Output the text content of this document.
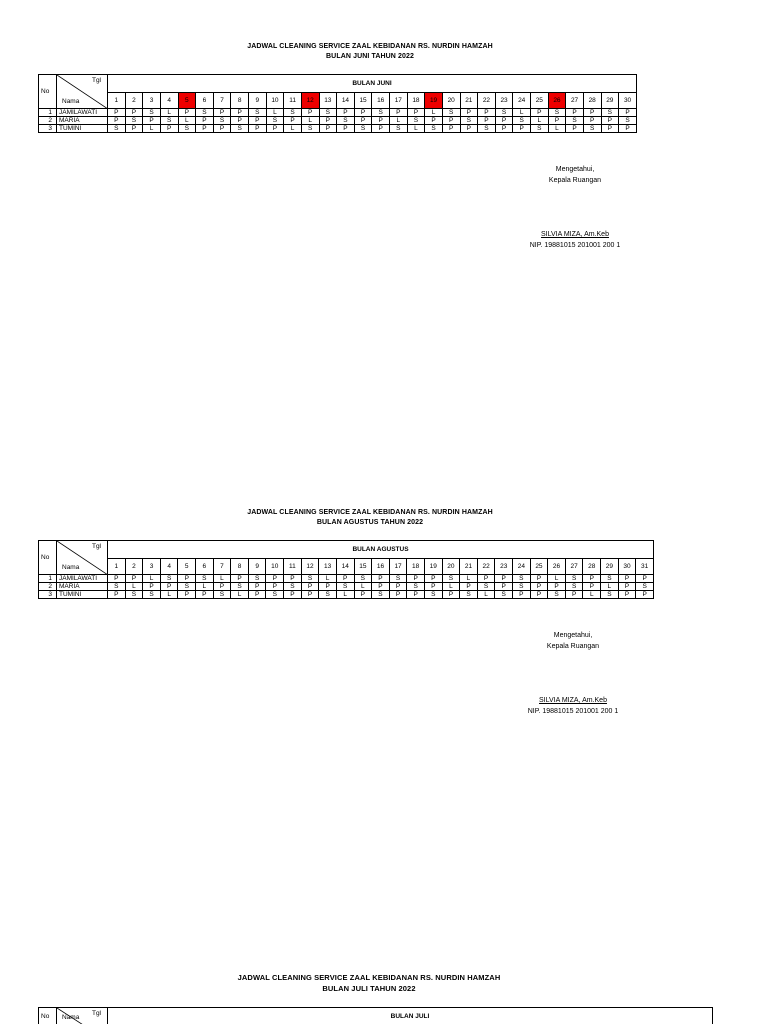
JADWAL CLEANING SERVICE ZAAL KEBIDANAN RS. NURDIN HAMZAH
BULAN JUNI TAHUN 2022
No	Tgl
Nama	BULAN JUNI																													
		1	2	3	4	5	6	7	8	9	10	11	12	13	14	15	16	17	18	19	20	21	22	23	24	25	26	27	28	29	30
1	JAMILAWATI	P	P	S	L	P	S	P	P	S	L	S	P	S	P	P	S	P	P	L	S	P	P	S	L	P	S	P	P	S	P
2	MARIA	P	S	P	S	L	P	S	P	P	S	P	L	P	S	P	P	L	S	P	P	S	P	P	S	L	P	S	P	P	S
3	TUMINI	S	P	L	P	S	P	P	S	P	P	L	S	P	P	S	P	S	L	S	P	P	S	P	P	S	L	P	S	P	P
Mengetahui,
Kepala Ruangan
SILVIA MIZA, Am.Keb
NIP. 19881015 201001 200 1
JADWAL CLEANING SERVICE ZAAL KEBIDANAN RS. NURDIN HAMZAH
BULAN AGUSTUS TAHUN 2022
No	Tgl
Nama	BULAN AGUSTUS																														
		1	2	3	4	5	6	7	8	9	10	11	12	13	14	15	16	17	18	19	20	21	22	23	24	25	26	27	28	29	30	31
1	JAMILAWATI	P	P	L	S	P	S	L	P	S	P	P	S	L	P	S	P	S	P	P	S	L	P	P	S	P	L	S	P	S	P	P
2	MARIA	S	L	P	P	S	L	P	S	P	P	S	P	P	S	L	P	P	S	P	L	P	S	P	S	P	P	S	P	L	P	S
3	TUMINI	P	S	S	L	P	P	S	L	P	S	P	P	S	L	P	S	P	P	S	P	S	L	S	P	P	S	P	L	S	P	P
Mengetahui,
Kepala Ruangan
SILVIA MIZA, Am.Keb
NIP. 19881015 201001 200 1
JADWAL CLEANING SERVICE ZAAL KEBIDANAN RS. NURDIN HAMZAH
BULAN JULI TAHUN 2022
No	Tgl
Nama	BULAN JULI
